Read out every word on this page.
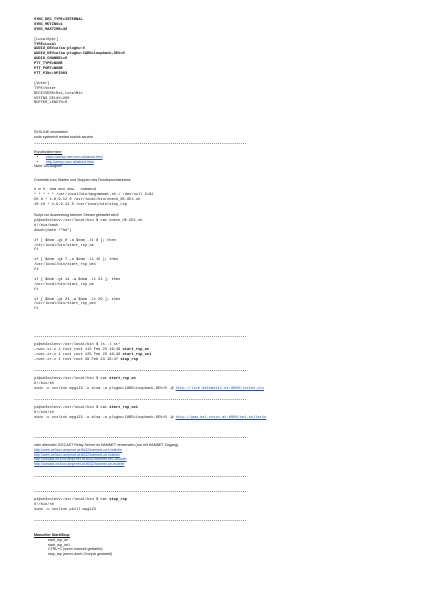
SYNC_DEC_TYPE=INTERNAL
SYNC_MUTING=1
SYNC_MAXTIME=40

[LocalSpkr]
TYPE=Local
AUDIO_DEV=alsa:plughw:0
AUDIO_DEV=alsa:plughw:CARD=Loopback,DEV=0
AUDIO_CHANNEL=0
PTT_TYPE=NONE
PTT_PORT=NONE
PTT_PIN=!GPIO03

[Voter]
TYPE=Voter
RECEIVERS=Rx1,LocalMic
VOTING_DELAY=200
BUFFER_LENGTH=0
SVXLINK neustarten!
sudo systemctl restart svxlink.service
*******************************************************************************************************
Rundfunktermine:
• https://amsp.oeb.xxxx.at/about.html
• http://amsp.xxxx.at/about.html
Nicht Juli-August!
Cronetab zum Starten und Stoppen des Rundspruchstreams
# m h  dom mon dow   command
* * * * * /usr/local/bin/mpgimmcmt.sh > /dev/null 2>&1
55 8 * 1-6,9-12 0 /usr/local/bin/check_OE-OE1.sh
10 10 * 1-6,9-12 0 /usr/local/bin/stop_rsp
Script zur Auswertung welcher Stream gestartet wird!
pi@oe3xolevv:/usr/local/bin $ cat check_OE-OE1.sh
#!/bin/bash
dowd=(date +"%d")

if [ $dom -gt 0 -a $dom -lt 8 ]; then
/usr/local/bin/start_rsp_oe
fi

if [ $dom -gt 7 -a $dom -lt 15 ]; then
/usr/local/bin/start_rsp_oe1
fi

if [ $dom -gt 14 -a $dom -lt 22 ]; then
/usr/local/bin/start_rsp_oe
fi

if [ $dom -gt 21 -a $dom -lt 29 ]; then
/usr/local/bin/start_rsp_oe1
fi
*******************************************************************************************************
pi@oe3xolevv:/usr/local/bin $ ls -l st*
-rwxr-xr-x 1 root root 115 Feb 23 16:49 start_rsp_oe
-rwxr-xr-x 1 root root 125 Feb 23 16:49 start_rsp_oe1
-rwxr-xr-x 1 root root 38 Feb 23 16:47 stop_rsp
*******************************************************************************************************
pi@oe3xolevv:/usr/local/bin $ cat start_rsp_oe
#!/bin/sh
sudo -u svxlink mpg123 -o alsa -a plughw:CARD=Loopback,DEV=0 -@ http://live.datemotis.at:8000/listen.pls
*******************************************************************************************************
pi@oe3xolevv:/usr/local/bin $ cat start_rsp_oe1
#!/bin/sh
sudo -u svxlink mpg123 -o alsa -a plughw:CARD=Loopback,DEV=0 -@ http://www.oe1-xxxxx.at:8000/oe1-bulletin
*******************************************************************************************************
oder alternativ ICECAST Relay Server im HAMNET verwenden (nur mit HAMNET Zugang)
http://web.oe3xxx.amprnet.at:8042/hamnet-oe1-bulletin
http://web.oe3xxx.amprnet.at:8042/hamnet-oe-bulletin
http://icecast.oe3xxx.amprnet.at:8042/hamnet-oe1-bulletin
http://icecast.oe3xxx.amprnet.at:8042/hamnet-oe-bulletin
*******************************************************************************************************
*******************************************************************************************************
pi@oe3xolevv:/usr/local/bin $ cat stop_rsp
#!/bin/sh
sudo -u svxlink pkill mpg123
*******************************************************************************************************
Manueller Start/Stop:
start_rsp_oe
start_rsp_oe1
CTRL+C (wenn manuell gestartet)
stop_rsp (wenn durch Cronjob gestartet)
